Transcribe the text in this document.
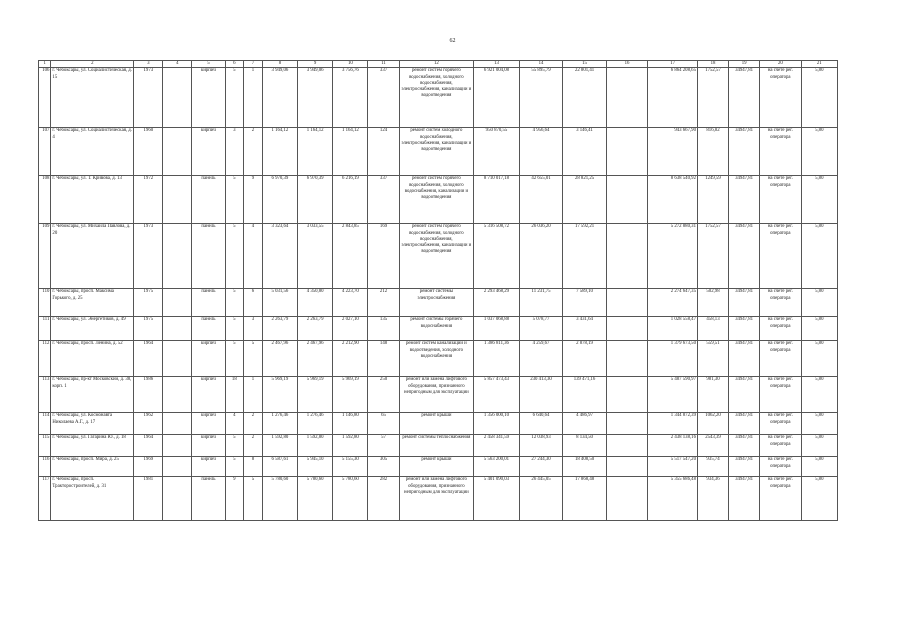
62
1	2	3	4	5	6	7	8	9	10	11	12	13	14	15	16	17	18	19	20	21
106	г. Чебоксары, ул. Социалистическая, д. 15	1973		кирпич	5	1	3 949,06	3 949,06	3 756,76	337	ремонт систем горячего водоснабжения, холодного водоснабжения, электроснабжения, канализации и водоотведения	6 921 004,08	55 895,79	22 801,41		6 864 208,65	1752,57	34947,81	на счете рег. оператора	5,80
107	г. Чебоксары, ул. Социалистическая, д. 4	1960		кирпич	3	2	1 164,12	1 164,12	1 164,12	124	ремонт систем холодного водоснабжения, электроснабжения, канализации и водоотведения	950 870,55	4 956,64	3 146,41		943 667,90	816,82	34947,81	на счете рег. оператора	5,80
108	г. Чебоксары, ул. Т. Кривова, д. 13	1972		панель	5	9	6 970,39	6 970,39	6 216,19	337	ремонт систем горячего водоснабжения, холодного водоснабжения, канализации и водоотведения	8 710 017,18	42 655,01	28 821,25		8 638 540,92	1249,59	34947,81	на счете рег. оператора	5,80
109	г. Чебоксары, ул. Михаила Павлова, д. 20	1973		панель	5	4	3 323,64	3 033,55	2 843,85	169	ремонт систем горячего водоснабжения, холодного водоснабжения, электроснабжения, канализации и водоотведения	5 316 508,72	26 036,20	17 592,21		5 272 880,31	1752,57	34947,81	на счете рег. оператора	5,80
110	г. Чебоксары, просп. Максима Горького, д. 25	1975		панель	5	6	5 031,56	4 350,80	4 223,70	212	ремонт системы электроснабжения	2 293 468,29	11 231,75	7 589,10		2 274 647,35	502,98	34947,81	на счете рег. оператора	5,80
111	г. Чебоксары, ул. Энергетиков, д. 49	1975		панель	5	3	2 263,79	2 263,79	2 027,10	135	ремонт системы горячего водоснабжения	1 037 068,88	5 078,77	3 431,64		1 028 558,47	458,13	34947,81	на счете рег. оператора	5,80
112	г. Чебоксары, просп. Ленина, д. 52	1964		кирпич	5	5	2 467,96	2 467,96	2 212,90	148	ремонт систем канализации и водоотведения, холодного водоснабжения	1 386 811,36	4 259,67	2 878,19		1 379 673,50	559,51	34947,81	на счете рег. оператора	5,80
113	г. Чебоксары, пр-кт Московский, д. 38, корп. 1	1986		кирпич	18	1	5 969,19	5 969,19	5 969,19	250	ремонт или замена лифтового оборудования, признанного непригодным для эксплуатации	5 857 473,43	230 413,30	139 471,16		5 487 590,97	981,30	34947,81	на счете рег. оператора	5,80
114	г. Чебоксары, ул. Космонавта Николаева А.Г., д. 17	1962		кирпич	4	2	1 276,46	1 276,46	1 146,80	65	ремонт крыши	1 356 000,10	6 640,64	4 486,97		1 344 872,39	1062,20	34947,81	на счете рег. оператора	5,80
115	г. Чебоксары, ул. Гагарина Ю., д. 18	1964		кирпич	5	2	1 592,80	1 592,80	1 592,80	57	ремонт системы теплоснабжения	2 458 341,59	12 038,93	8 134,50		2 438 138,16	2543,39	34947,81	на счете рег. оператора	5,80
116	г. Чебоксары, просп. Мира, д. 25	1969		кирпич	5	8	6 587,61	5 945,10	5 155,30	305	ремонт крыши	5 563 200,01	27 244,30	18 408,50		5 517 547,20	935,74	34947,81	на счете рег. оператора	5,80
117	г. Чебоксары, просп. Тракторостроителей, д. 31	1981		панель	9	5	5 780,60	5 780,60	5 780,60	282	ремонт или замена лифтового оборудования, признанного непригодным для эксплуатации	5 401 090,03	26 445,05	17 868,48		5 355 686,48	934,36	34947,81	на счете рег. оператора	5,80
